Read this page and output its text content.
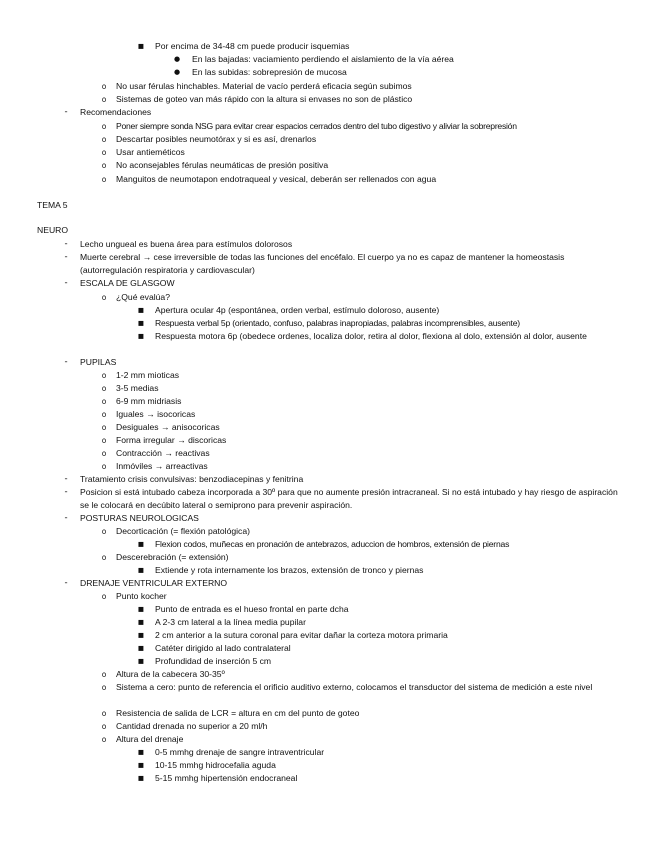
■	Por encima de 34-48 cm puede producir isquemias
●	En las bajadas: vaciamiento perdiendo el aislamiento de la vía aérea
●	En las subidas: sobrepresión de mucosa
o	No usar férulas hinchables. Material de vacío perderá eficacia según subimos
o	Sistemas de goteo van más rápido con la altura si envases no son de plástico
-	Recomendaciones
o	Poner siempre sonda NSG para evitar crear espacios cerrados dentro del tubo digestivo y aliviar la sobrepresión
o	Descartar posibles neumotórax y si es así, drenarlos
o	Usar antieméticos
o	No aconsejables férulas neumáticas de presión positiva
o	Manguitos de neumotapon endotraqueal y vesical, deberán ser rellenados con agua
TEMA 5
NEURO
-	Lecho ungueal es buena área para estímulos dolorosos
-	Muerte cerebral → cese irreversible de todas las funciones del encéfalo. El cuerpo ya no es capaz de mantener la homeostasis (autorregulación respiratoria y cardiovascular)
-	ESCALA DE GLASGOW
o	¿Qué evalúa?
■	Apertura ocular 4p (espontánea, orden verbal, estímulo doloroso, ausente)
■	Respuesta verbal 5p (orientado, confuso, palabras inapropiadas, palabras incomprensibles, ausente)
■	Respuesta motora 6p (obedece ordenes, localiza dolor, retira al dolor, flexiona al dolo, extensión al dolor, ausente
-	PUPILAS
o	1-2 mm mioticas
o	3-5 medias
o	6-9 mm midriasis
o	Iguales → isocoricas
o	Desiguales → anisocoricas
o	Forma irregular → discoricas
o	Contracción → reactivas
o	Inmóviles → arreactivas
-	Tratamiento crisis convulsivas: benzodiacepinas y fenitrina
-	Posicion si está intubado cabeza incorporada a 30º para que no aumente presión intracraneal. Si no está intubado y hay riesgo de aspiración se le colocará en decúbito lateral o semiprono para prevenir aspiración.
-	POSTURAS NEUROLOGICAS
o	Decorticación (= flexión patológica)
■	Flexion codos, muñecas en pronación de antebrazos, aduccion de hombros, extensión de piernas
o	Descerebración (= extensión)
■	Extiende y rota internamente los brazos, extensión de tronco y piernas
-	DRENAJE VENTRICULAR EXTERNO
o	Punto kocher
■	Punto de entrada es el hueso frontal en parte dcha
■	A 2-3 cm lateral a la línea media pupilar
■	2 cm anterior a la sutura coronal para evitar dañar la corteza motora primaria
■	Catéter dirigido al lado contralateral
■	Profundidad de inserción 5 cm
o	Altura de la cabecera 30-35º
o	Sistema a cero: punto de referencia el orificio auditivo externo, colocamos el transductor del sistema de medición a este nivel
o	Resistencia de salida de LCR = altura en cm del punto de goteo
o	Cantidad drenada no superior a 20 ml/h
o	Altura del drenaje
■	0-5 mmhg drenaje de sangre intraventricular
■	10-15 mmhg hidrocefalia aguda
■	5-15 mmhg hipertensión endocraneal
